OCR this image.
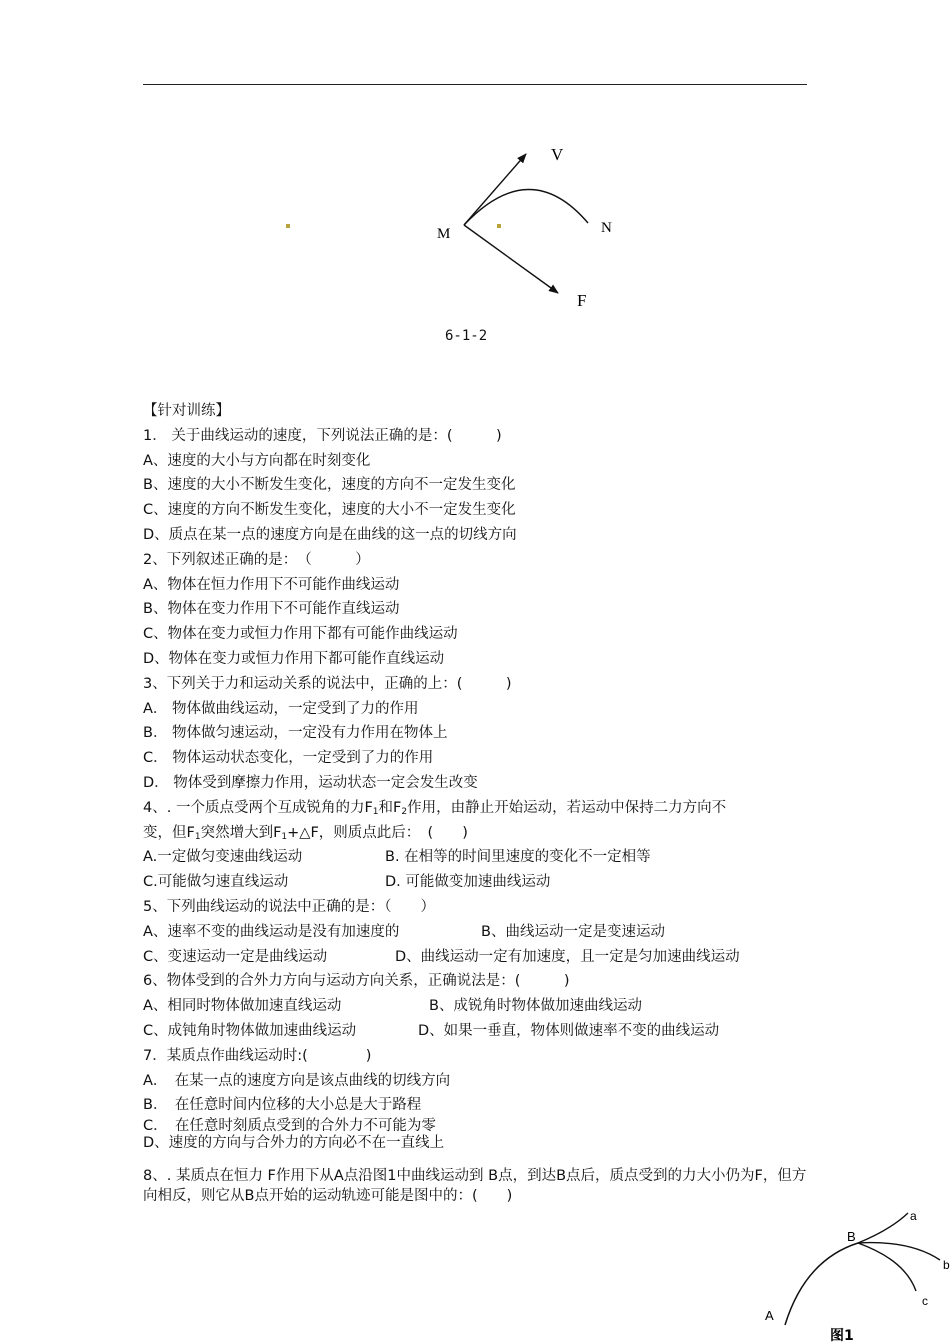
V
M	N
F
6-1-2
【针对训练】
1． 关于曲线运动的速度，下列说法正确的是：(　　　)
A、速度的大小与方向都在时刻变化
B、速度的大小不断发生变化，速度的方向不一定发生变化
C、速度的方向不断发生变化，速度的大小不一定发生变化
D、质点在某一点的速度方向是在曲线的这一点的切线方向
2、下列叙述正确的是：　（　　　）
A、物体在恒力作用下不可能作曲线运动
B、物体在变力作用下不可能作直线运动
C、物体在变力或恒力作用下都有可能作曲线运动
D、物体在变力或恒力作用下都可能作直线运动
3、下列关于力和运动关系的说法中，正确的上：(　　　)
A． 物体做曲线运动，一定受到了力的作用
B． 物体做匀速运动，一定没有力作用在物体上
C． 物体运动状态变化，一定受到了力的作用
D． 物体受到摩擦力作用，运动状态一定会发生改变
4、. 一个质点受两个互成锐角的力$F_1$和$F_2$作用，由静止开始运动，若运动中保持二力方向不
变，但$F_1$突然增大到$F_1+\triangle F$，则质点此后：　(　　)
A.一定做匀变速曲线运动	B. 在相等的时间里速度的变化不一定相等
C.可能做匀速直线运动	D. 可能做变加速曲线运动
5、下列曲线运动的说法中正确的是：（　　）
A、速率不变的曲线运动是没有加速度的	B、曲线运动一定是变速运动
C、变速运动一定是曲线运动	D、曲线运动一定有加速度，且一定是匀加速曲线运动
6、物体受到的合外力方向与运动方向关系，正确说法是：(　　　)
A、相同时物体做加速直线运动	B、成锐角时物体做加速曲线运动
C、成钝角时物体做加速曲线运动	D、如果一垂直，物体则做速率不变的曲线运动
7．某质点作曲线运动时:(　　　　)
A．　在某一点的速度方向是该点曲线的切线方向
B．　在任意时间内位移的大小总是大于路程
C．　在任意时刻质点受到的合外力不可能为零
D、速度的方向与合外力的方向必不在一直线上
8、. 某质点在恒力 F作用下从A点沿图1中曲线运动到 B点，到达B点后，质点受到的力大小仍为F，但方向相反，则它从B点开始的运动轨迹可能是图中的：(　　)
B
A
a
b
c
图1
